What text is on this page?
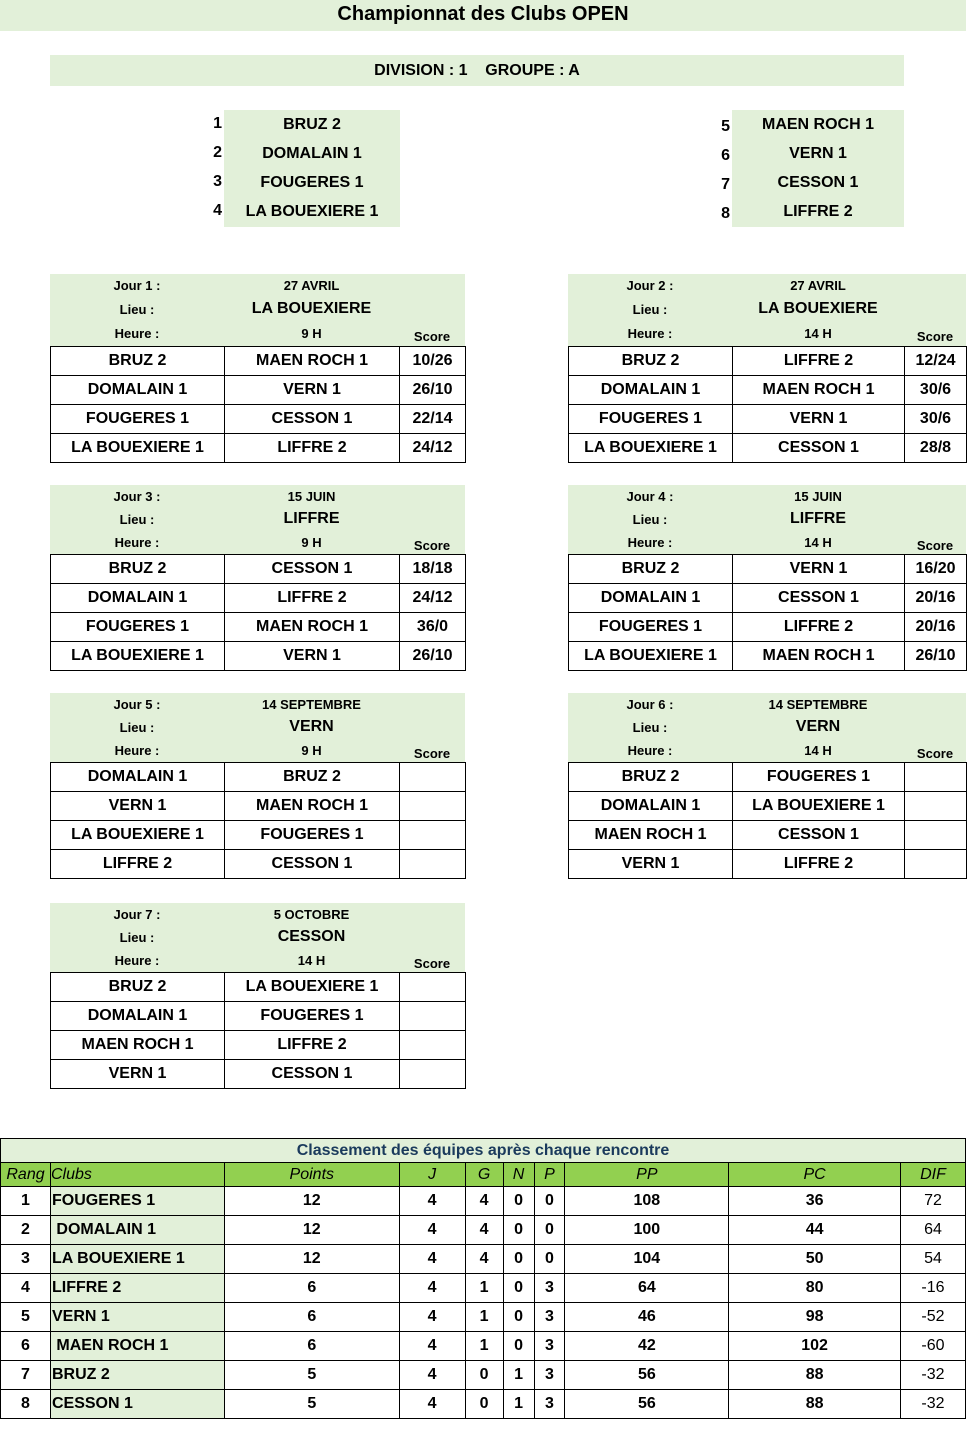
Championnat des Clubs OPEN
DIVISION : 1    GROUPE : A
1	BRUZ 2
2	DOMALAIN 1
3	FOUGERES 1
4	LA BOUEXIERE 1
5	MAEN ROCH 1
6	VERN 1
7	CESSON 1
8	LIFFRE 2
Jour 1 :	27 AVRIL
Lieu :	LA BOUEXIERE
Heure :	9 H	Score
BRUZ 2	MAEN ROCH 1	10/26
DOMALAIN 1	VERN 1	26/10
FOUGERES 1	CESSON 1	22/14
LA BOUEXIERE 1	LIFFRE 2	24/12
Jour 2 :	27 AVRIL
Lieu :	LA BOUEXIERE
Heure :	14 H	Score
BRUZ 2	LIFFRE 2	12/24
DOMALAIN 1	MAEN ROCH 1	30/6
FOUGERES 1	VERN 1	30/6
LA BOUEXIERE 1	CESSON 1	28/8
Jour 3 :	15 JUIN
Lieu :	LIFFRE
Heure :	9 H	Score
BRUZ 2	CESSON 1	18/18
DOMALAIN 1	LIFFRE 2	24/12
FOUGERES 1	MAEN ROCH 1	36/0
LA BOUEXIERE 1	VERN 1	26/10
Jour 4 :	15 JUIN
Lieu :	LIFFRE
Heure :	14 H	Score
BRUZ 2	VERN 1	16/20
DOMALAIN 1	CESSON 1	20/16
FOUGERES 1	LIFFRE 2	20/16
LA BOUEXIERE 1	MAEN ROCH 1	26/10
Jour 5 :	14 SEPTEMBRE
Lieu :	VERN
Heure :	9 H	Score
DOMALAIN 1	BRUZ 2	
VERN 1	MAEN ROCH 1	
LA BOUEXIERE 1	FOUGERES 1	
LIFFRE 2	CESSON 1	
Jour 6 :	14 SEPTEMBRE
Lieu :	VERN
Heure :	14 H	Score
BRUZ 2	FOUGERES 1	
DOMALAIN 1	LA BOUEXIERE 1	
MAEN ROCH 1	CESSON 1	
VERN 1	LIFFRE 2	
Jour 7 :	5 OCTOBRE
Lieu :	CESSON
Heure :	14 H	Score
BRUZ 2	LA BOUEXIERE 1	
DOMALAIN 1	FOUGERES 1	
MAEN ROCH 1	LIFFRE 2	
VERN 1	CESSON 1	
Classement des équipes après chaque rencontre									
Rang	Clubs	Points	J	G	N	P	PP	PC	DIF
1	FOUGERES 1	12	4	4	0	0	108	36	72
2	DOMALAIN 1	12	4	4	0	0	100	44	64
3	LA BOUEXIERE 1	12	4	4	0	0	104	50	54
4	LIFFRE 2	6	4	1	0	3	64	80	-16
5	VERN 1	6	4	1	0	3	46	98	-52
6	MAEN ROCH 1	6	4	1	0	3	42	102	-60
7	BRUZ 2	5	4	0	1	3	56	88	-32
8	CESSON 1	5	4	0	1	3	56	88	-32
